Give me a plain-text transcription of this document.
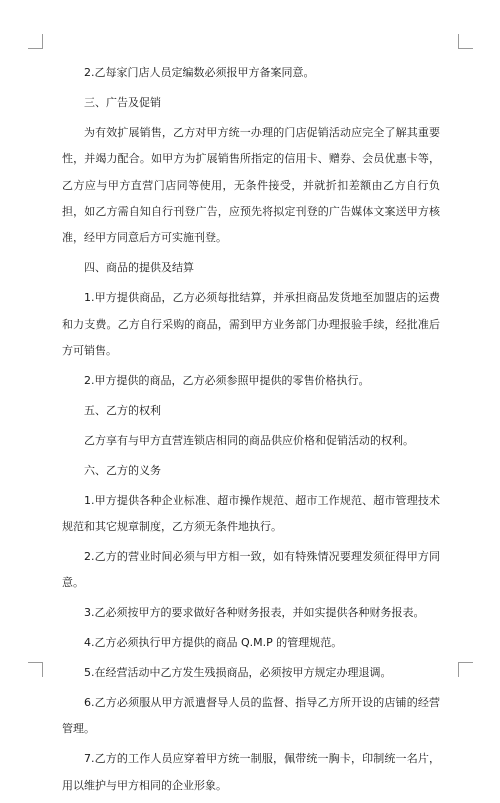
2.乙每家门店人员定编数必须报甲方备案同意。

三、广告及促销

为有效扩展销售，乙方对甲方统一办理的门店促销活动应完全了解其重要性，并竭力配合。如甲方为扩展销售所指定的信用卡、赠券、会员优惠卡等，乙方应与甲方直营门店同等使用，无条件接受，并就折扣差额由乙方自行负担，如乙方需自知自行刊登广告，应预先将拟定刊登的广告媒体文案送甲方核准，经甲方同意后方可实施刊登。

四、商品的提供及结算

1.甲方提供商品，乙方必须每批结算，并承担商品发货地至加盟店的运费和力支费。乙方自行采购的商品，需到甲方业务部门办理报验手续，经批准后方可销售。

2.甲方提供的商品，乙方必须参照甲提供的零售价格执行。

五、乙方的权利

乙方享有与甲方直营连锁店相同的商品供应价格和促销活动的权利。

六、乙方的义务

1.甲方提供各种企业标准、超市操作规范、超市工作规范、超市管理技术规范和其它规章制度，乙方须无条件地执行。

2.乙方的营业时间必须与甲方相一致，如有特殊情况要理发须征得甲方同意。

3.乙必须按甲方的要求做好各种财务报表，并如实提供各种财务报表。

4.乙方必须执行甲方提供的商品 Q.M.P 的管理规范。

5.在经营活动中乙方发生残损商品，必须按甲方规定办理退调。

6.乙方必须服从甲方派遣督导人员的监督、指导乙方所开设的店铺的经营管理。

7.乙方的工作人员应穿着甲方统一制服，佩带统一胸卡，印制统一名片，用以维护与甲方相同的企业形象。
